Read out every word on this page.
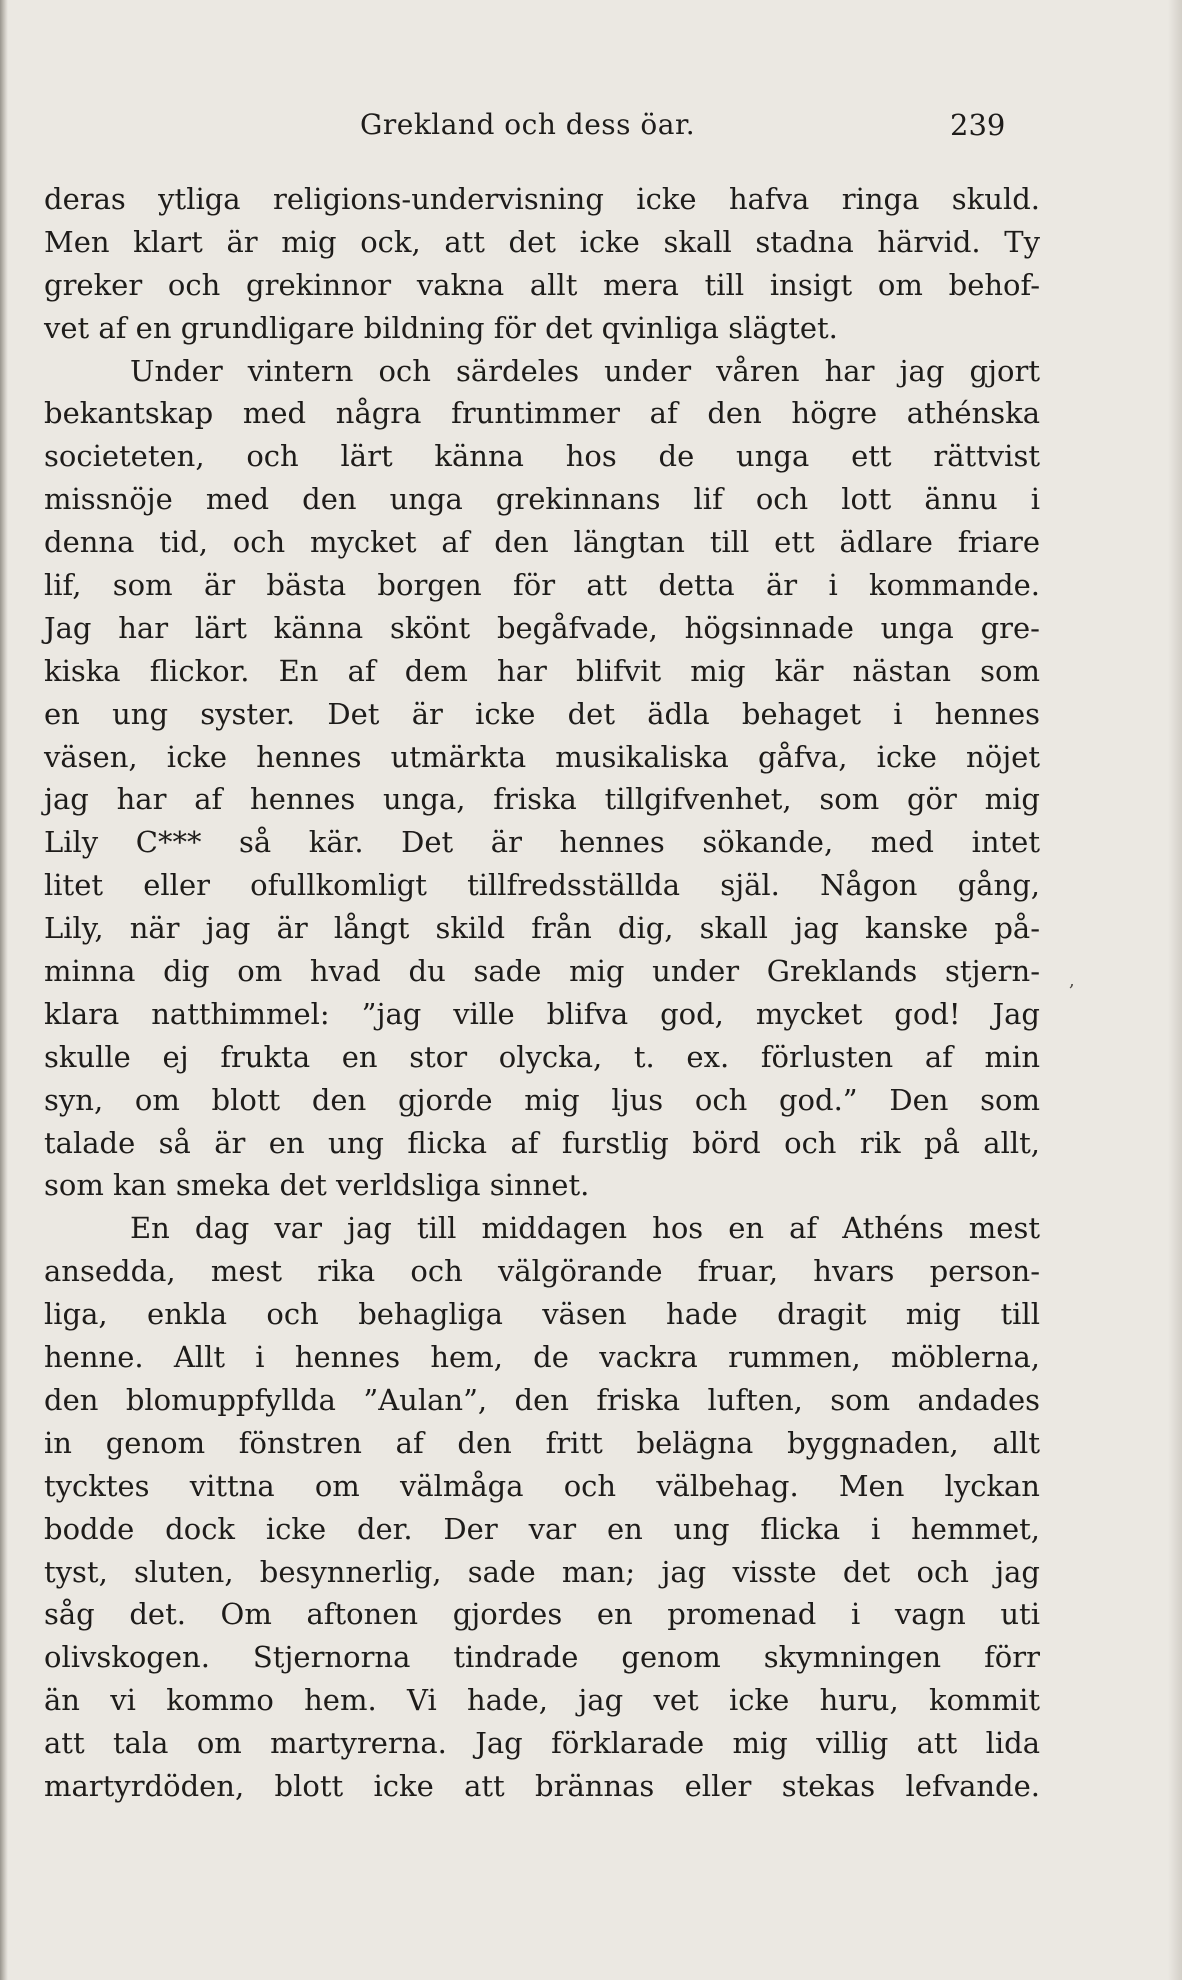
Grekland och dess öar.	239
deras ytliga religions-undervisning icke hafva ringa skuld.
Men klart är mig ock, att det icke skall stadna härvid. Ty
greker och grekinnor vakna allt mera till insigt om behof-
vet af en grundligare bildning för det qvinliga slägtet.
Under vintern och särdeles under våren har jag gjort
bekantskap med några fruntimmer af den högre athénska
societeten, och lärt känna hos de unga ett rättvist
missnöje med den unga grekinnans lif och lott ännu i
denna tid, och mycket af den längtan till ett ädlare friare
lif, som är bästa borgen för att detta är i kommande.
Jag har lärt känna skönt begåfvade, högsinnade unga gre-
kiska flickor. En af dem har blifvit mig kär nästan som
en ung syster. Det är icke det ädla behaget i hennes
väsen, icke hennes utmärkta musikaliska gåfva, icke nöjet
jag har af hennes unga, friska tillgifvenhet, som gör mig
Lily C*** så kär. Det är hennes sökande, med intet
litet eller ofullkomligt tillfredsställda själ. Någon gång,
Lily, när jag är långt skild från dig, skall jag kanske på-
minna dig om hvad du sade mig under Greklands stjern-
klara natthimmel: ”jag ville blifva god, mycket god! Jag
skulle ej frukta en stor olycka, t. ex. förlusten af min
syn, om blott den gjorde mig ljus och god.” Den som
talade så är en ung flicka af furstlig börd och rik på allt,
som kan smeka det verldsliga sinnet.
En dag var jag till middagen hos en af Athéns mest
ansedda, mest rika och välgörande fruar, hvars person-
liga, enkla och behagliga väsen hade dragit mig till
henne. Allt i hennes hem, de vackra rummen, möblerna,
den blomuppfyllda ”Aulan”, den friska luften, som andades
in genom fönstren af den fritt belägna byggnaden, allt
tycktes vittna om välmåga och välbehag. Men lyckan
bodde dock icke der. Der var en ung flicka i hemmet,
tyst, sluten, besynnerlig, sade man; jag visste det och jag
såg det. Om aftonen gjordes en promenad i vagn uti
olivskogen. Stjernorna tindrade genom skymningen förr
än vi kommo hem. Vi hade, jag vet icke huru, kommit
att tala om martyrerna. Jag förklarade mig villig att lida
martyrdöden, blott icke att brännas eller stekas lefvande.
,
